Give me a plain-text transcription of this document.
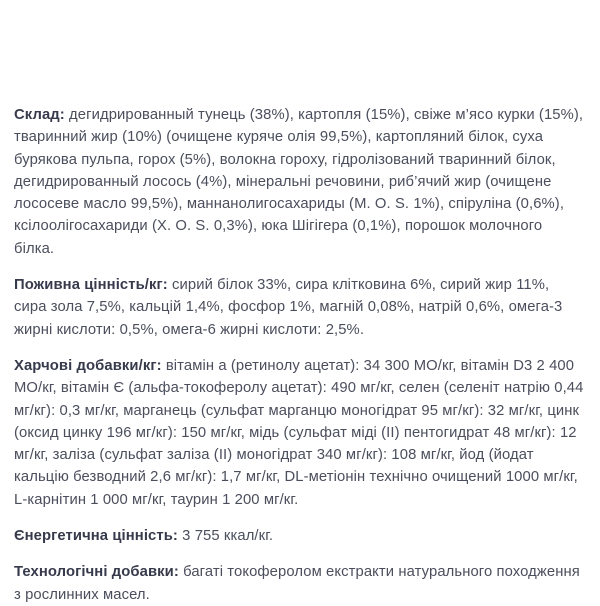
Склад: дегидрированный тунець (38%), картопля (15%), свіже м’ясо курки (15%), тваринний жир (10%) (очищене куряче олія 99,5%), картопляний білок, суха бурякова пульпа, горох (5%), волокна гороху, гідролізований тваринний білок, дегидрированный лосось (4%), мінеральні речовини, риб’ячий жир (очищене лососеве масло 99,5%), маннанолигосахариды (M. O. S. 1%), спіруліна (0,6%), ксілоолігосахариди (X. O. S. 0,3%), юка Шігігера (0,1%), порошок молочного білка.

Поживна цінність/кг: сирий білок 33%, сира клітковина 6%, сирий жир 11%, сира зола 7,5%, кальцій 1,4%, фосфор 1%, магній 0,08%, натрій 0,6%, омега-3 жирні кислоти: 0,5%, омега-6 жирні кислоти: 2,5%.

Харчові добавки/кг: вітамін а (ретинолу ацетат): 34 300 МО/кг, вітамін D3 2 400 МО/кг, вітамін Є (альфа-токоферолу ацетат): 490 мг/кг, селен (селеніт натрію 0,44 мг/кг): 0,3 мг/кг, марганець (сульфат марганцю моногідрат 95 мг/кг): 32 мг/кг, цинк (оксид цинку 196 мг/кг): 150 мг/кг, мідь (сульфат міді (II) пентогидрат 48 мг/кг): 12 мг/кг, заліза (сульфат заліза (II) моногідрат 340 мг/кг): 108 мг/кг, йод (йодат кальцію безводний 2,6 мг/кг): 1,7 мг/кг, DL-метіонін технічно очищений 1000 мг/кг, L-карнітин 1 000 мг/кг, таурин 1 200 мг/кг.

Єнергетична цінність: 3 755 ккал/кг.

Технологічні добавки: багаті токоферолом екстракти натурального походження з рослинних масел.
